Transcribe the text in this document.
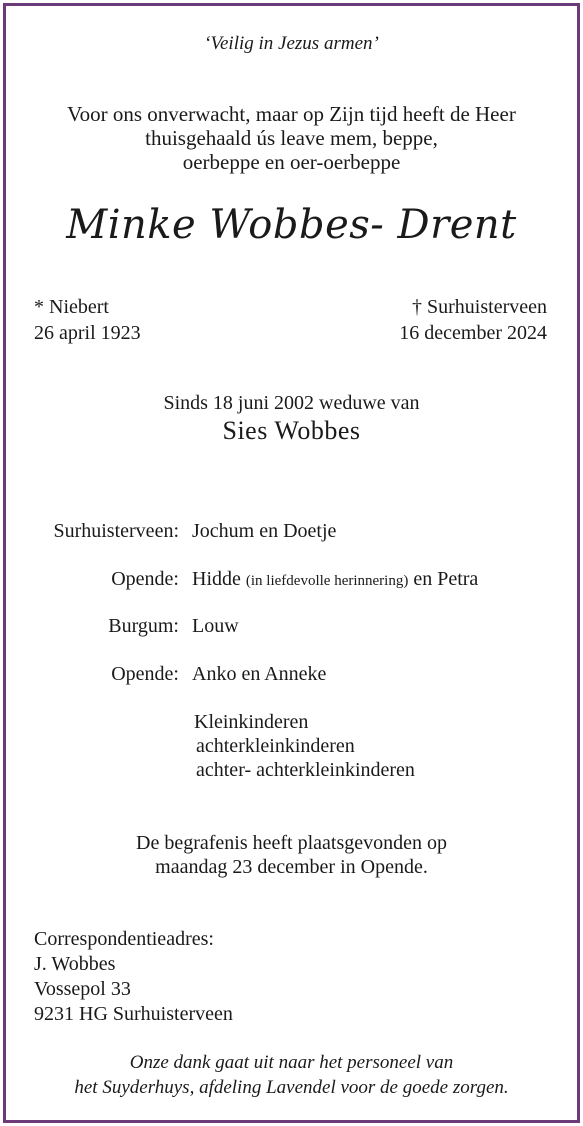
‘Veilig in Jezus armen’
Voor ons onverwacht, maar op Zijn tijd heeft de Heer
thuisgehaald ús leave mem, beppe,
oerbeppe en oer-oerbeppe
Minke Wobbes- Drent
* Niebert
26 april 1923
† Surhuisterveen
16 december 2024
Sinds 18 juni 2002 weduwe van
Sies Wobbes
Surhuisterveen: Jochum en Doetje
Opende: Hidde (in liefdevolle herinnering) en Petra
Burgum: Louw
Opende: Anko en Anneke
Kleinkinderen
achterkleinkinderen
achter- achterkleinkinderen
De begrafenis heeft plaatsgevonden op
maandag 23 december in Opende.
Correspondentieadres:
J. Wobbes
Vossepol 33
9231 HG Surhuisterveen
Onze dank gaat uit naar het personeel van
het Suyderhuys, afdeling Lavendel voor de goede zorgen.
